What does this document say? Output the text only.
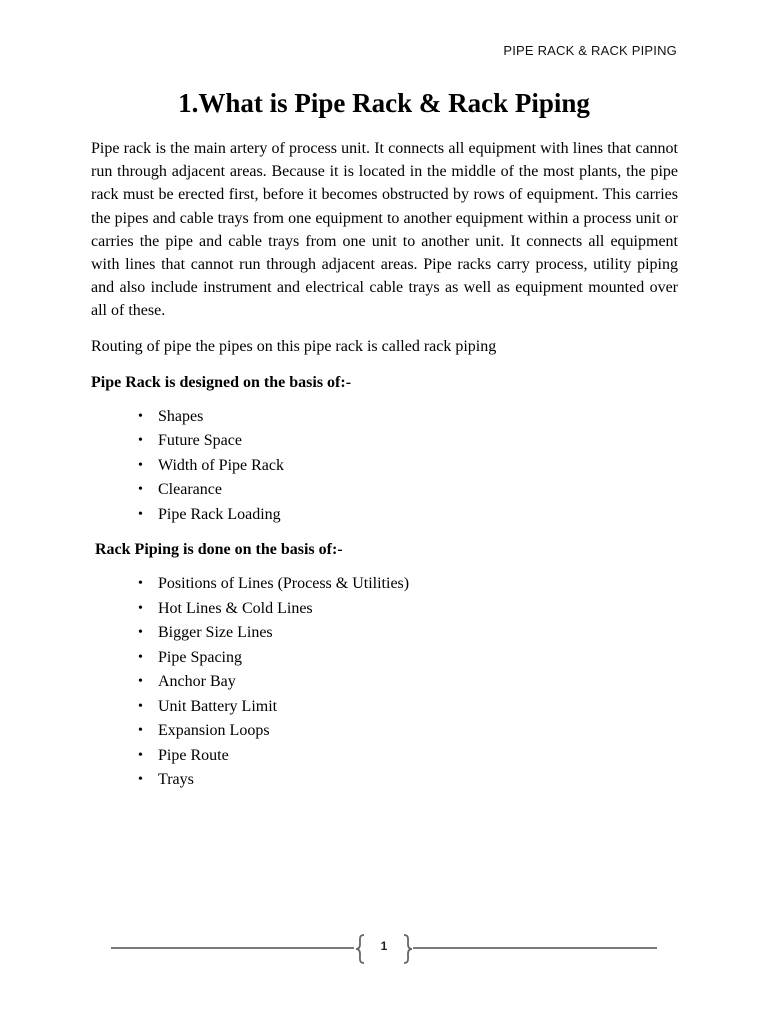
PIPE RACK & RACK PIPING
1.What is Pipe Rack & Rack Piping

Pipe rack is the main artery of process unit. It connects all equipment with lines that cannot run through adjacent areas. Because it is located in the middle of the most plants, the pipe rack must be erected first, before it becomes obstructed by rows of equipment. This carries the pipes and cable trays from one equipment to another equipment within a process unit or carries the pipe and cable trays from one unit to another unit. It connects all equipment with lines that cannot run through adjacent areas. Pipe racks carry process, utility piping and also include instrument and electrical cable trays as well as equipment mounted over all of these.

Routing of pipe the pipes on this pipe rack is called rack piping

Pipe Rack is designed on the basis of:-
• Shapes
• Future Space
• Width of Pipe Rack
• Clearance
• Pipe Rack Loading
Rack Piping is done on the basis of:-
• Positions of Lines (Process & Utilities)
• Hot Lines & Cold Lines
• Bigger Size Lines
• Pipe Spacing
• Anchor Bay
• Unit Battery Limit
• Expansion Loops
• Pipe Route
• Trays
1
